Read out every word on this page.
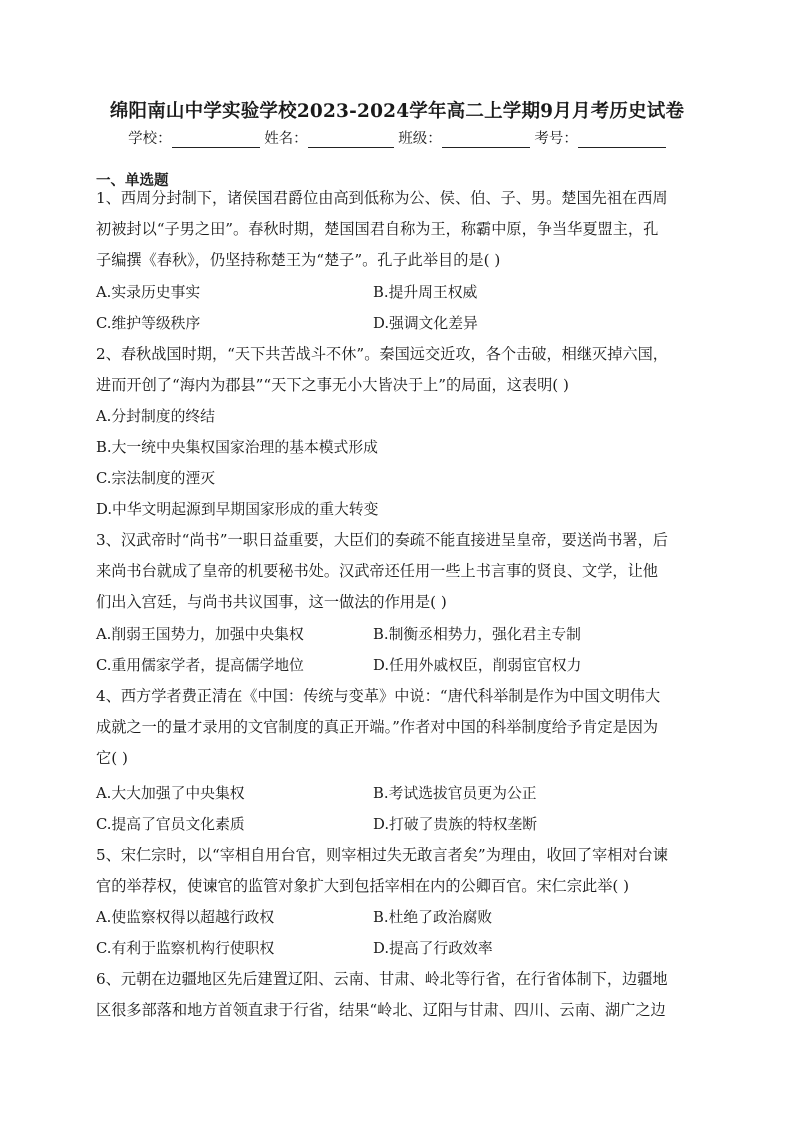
绵阳南山中学实验学校2023-2024学年高二上学期9月月考历史试卷
学校：	姓名：	班级：	考号：
一、单选题

1、西周分封制下，诸侯国君爵位由高到低称为公、侯、伯、子、男。楚国先祖在西周

初被封以“子男之田”。春秋时期，楚国国君自称为王，称霸中原，争当华夏盟主，孔

子编撰《春秋》，仍坚持称楚王为“楚子”。孔子此举目的是( )

A.实录历史事实	B.提升周王权威
C.维护等级秩序	D.强调文化差异

2、春秋战国时期，“天下共苦战斗不休”。秦国远交近攻，各个击破，相继灭掉六国，

进而开创了“海内为郡县”“天下之事无小大皆决于上”的局面，这表明( )

A.分封制度的终结
B.大一统中央集权国家治理的基本模式形成
C.宗法制度的湮灭
D.中华文明起源到早期国家形成的重大转变

3、汉武帝时“尚书”一职日益重要，大臣们的奏疏不能直接进呈皇帝，要送尚书署，后

来尚书台就成了皇帝的机要秘书处。汉武帝还任用一些上书言事的贤良、文学，让他

们出入宫廷，与尚书共议国事，这一做法的作用是( )

A.削弱王国势力，加强中央集权	B.制衡丞相势力，强化君主专制
C.重用儒家学者，提高儒学地位	D.任用外戚权臣，削弱宦官权力

4、西方学者费正清在《中国：传统与变革》中说：“唐代科举制是作为中国文明伟大

成就之一的量才录用的文官制度的真正开端。”作者对中国的科举制度给予肯定是因为

它( )

A.大大加强了中央集权	B.考试选拔官员更为公正
C.提高了官员文化素质	D.打破了贵族的特权垄断

5、宋仁宗时，以“宰相自用台官，则宰相过失无敢言者矣”为理由，收回了宰相对台谏

官的举荐权，使谏官的监管对象扩大到包括宰相在内的公卿百官。宋仁宗此举( )

A.使监察权得以超越行政权	B.杜绝了政治腐败
C.有利于监察机构行使职权	D.提高了行政效率

6、元朝在边疆地区先后建置辽阳、云南、甘肃、岭北等行省，在行省体制下，边疆地

区很多部落和地方首领直隶于行省，结果“岭北、辽阳与甘肃、四川、云南、湖广之边
